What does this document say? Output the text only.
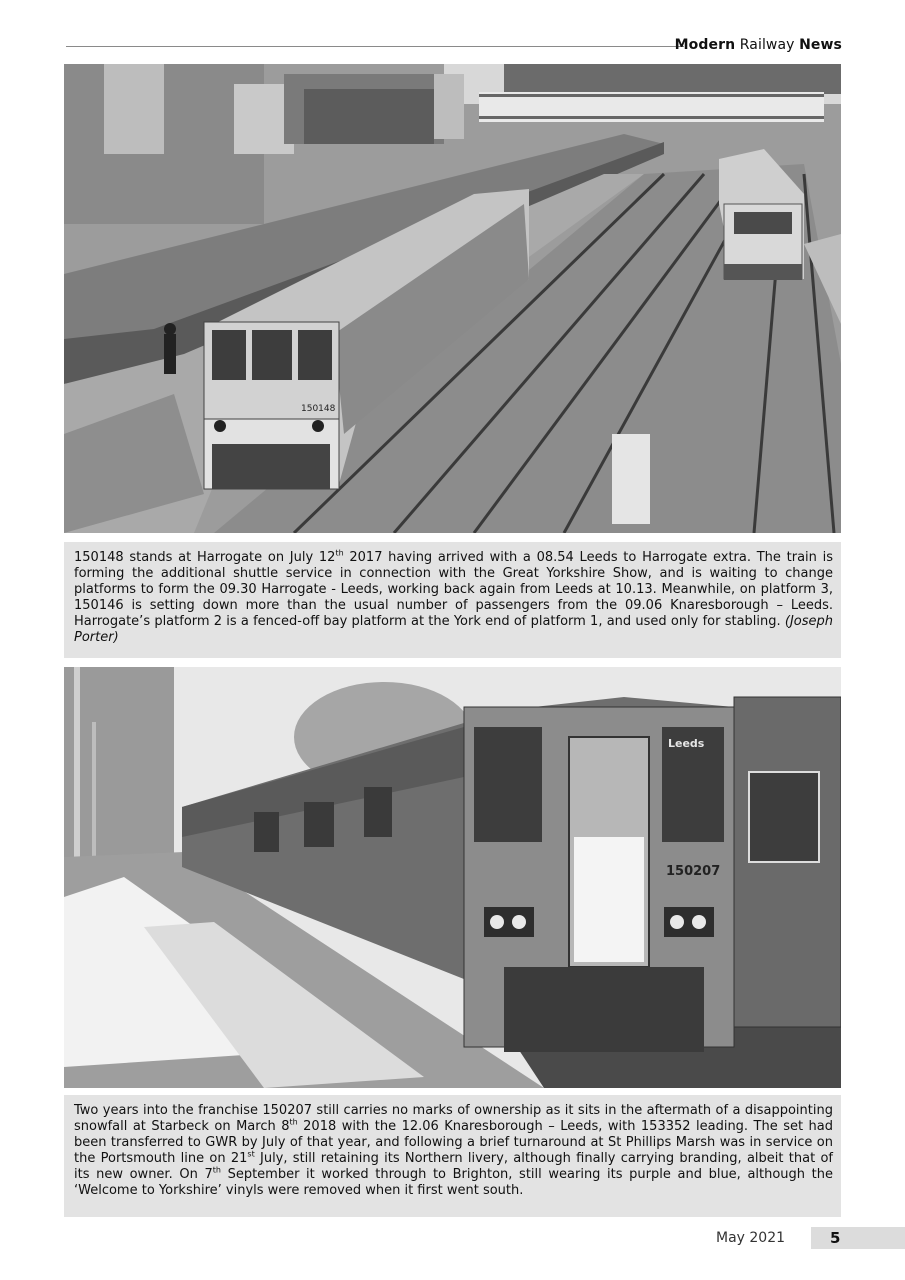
Modern Railway News
150148
150148 stands at Harrogate on July 12th 2017 having arrived with a 08.54 Leeds to Harrogate extra. The train is forming the additional shuttle service in connection with the Great Yorkshire Show, and is waiting to change platforms to form the 09.30 Harrogate - Leeds, working back again from Leeds at 10.13. Meanwhile, on platform 3, 150146 is setting down more than the usual number of passengers from the 09.06 Knaresborough – Leeds. Harrogate’s platform 2 is a fenced-off bay platform at the York end of platform 1, and used only for stabling. (Joseph Porter)
Leeds
150207
Two years into the franchise 150207 still carries no marks of ownership as it sits in the aftermath of a disappointing snowfall at Starbeck on March 8th 2018 with the 12.06 Knaresborough – Leeds, with 153352 leading. The set had been transferred to GWR by July of that year, and following a brief turnaround at St Phillips Marsh was in service on the Portsmouth line on 21st July, still retaining its Northern livery, although finally carrying branding, albeit that of its new owner. On 7th September it worked through to Brighton, still wearing its purple and blue, although the ‘Welcome to Yorkshire’ vinyls were removed when it first went south.
May 2021	5
